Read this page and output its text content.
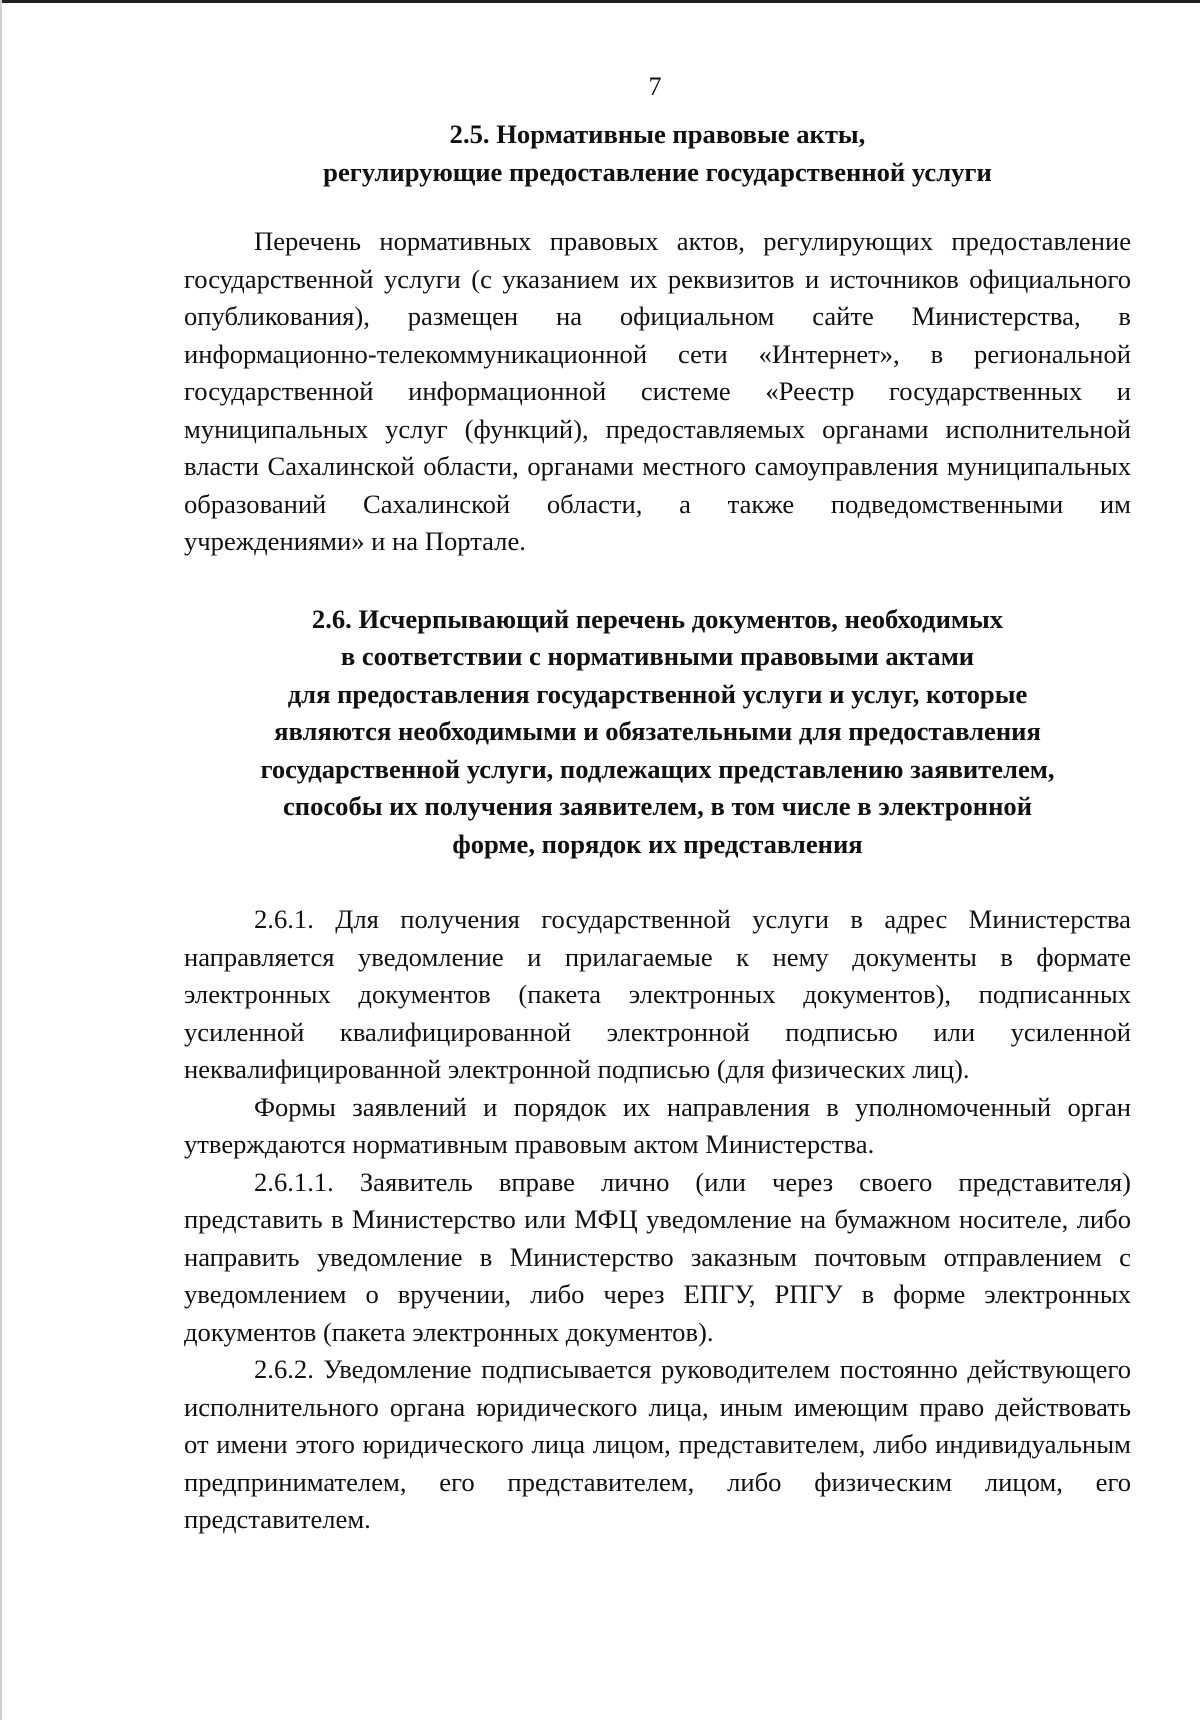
7
2.5. Нормативные правовые акты,
регулирующие предоставление государственной услуги

Перечень нормативных правовых актов, регулирующих предоставление государственной услуги (с указанием их реквизитов и источников официального опубликования), размещен на официальном сайте Министерства, в информационно-телекоммуникационной сети «Интернет», в региональной государственной информационной системе «Реестр государственных и муниципальных услуг (функций), предоставляемых органами исполнительной власти Сахалинской области, органами местного самоуправления муниципальных образований Сахалинской области, а также подведомственными им учреждениями» и на Портале.

2.6. Исчерпывающий перечень документов, необходимых
в соответствии с нормативными правовыми актами
для предоставления государственной услуги и услуг, которые
являются необходимыми и обязательными для предоставления
государственной услуги, подлежащих представлению заявителем,
способы их получения заявителем, в том числе в электронной
форме, порядок их представления

2.6.1. Для получения государственной услуги в адрес Министерства направляется уведомление и прилагаемые к нему документы в формате электронных документов (пакета электронных документов), подписанных усиленной квалифицированной электронной подписью или усиленной неквалифицированной электронной подписью (для физических лиц).

Формы заявлений и порядок их направления в уполномоченный орган утверждаются нормативным правовым актом Министерства.

2.6.1.1. Заявитель вправе лично (или через своего представителя) представить в Министерство или МФЦ уведомление на бумажном носителе, либо направить уведомление в Министерство заказным почтовым отправлением с уведомлением о вручении, либо через ЕПГУ, РПГУ в форме электронных документов (пакета электронных документов).

2.6.2. Уведомление подписывается руководителем постоянно действующего исполнительного органа юридического лица, иным имеющим право действовать от имени этого юридического лица лицом, представителем, либо индивидуальным предпринимателем, его представителем, либо физическим лицом, его представителем.
